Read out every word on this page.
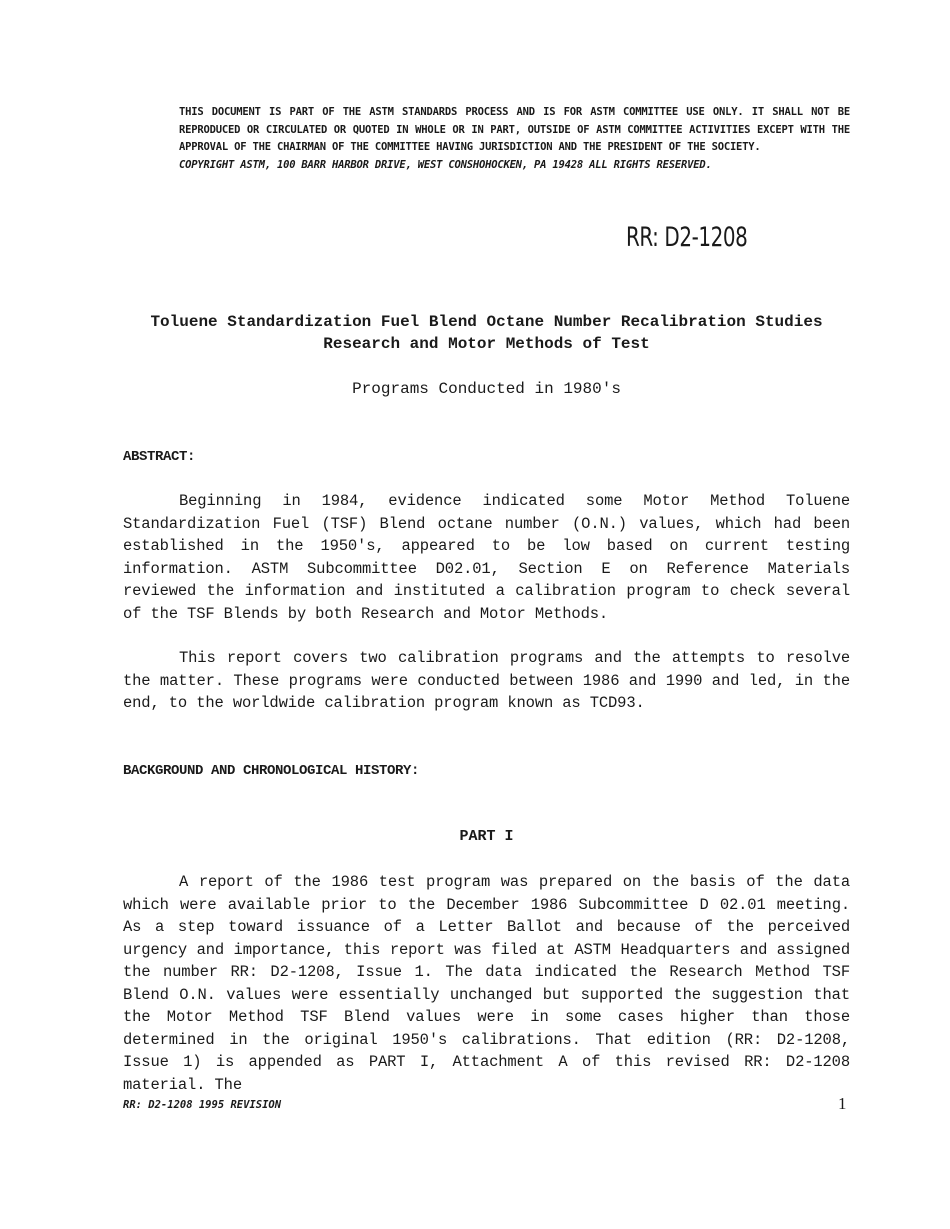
THIS DOCUMENT IS PART OF THE ASTM STANDARDS PROCESS AND IS FOR ASTM COMMITTEE USE ONLY. IT SHALL NOT BE REPRODUCED OR CIRCULATED OR QUOTED IN WHOLE OR IN PART, OUTSIDE OF ASTM COMMITTEE ACTIVITIES EXCEPT WITH THE APPROVAL OF THE CHAIRMAN OF THE COMMITTEE HAVING JURISDICTION AND THE PRESIDENT OF THE SOCIETY.
COPYRIGHT ASTM, 100 BARR HARBOR DRIVE, WEST CONSHOHOCKEN, PA 19428 ALL RIGHTS RESERVED.
RR: D2-1208
Toluene Standardization Fuel Blend Octane Number Recalibration Studies
Research and Motor Methods of Test
Programs Conducted in 1980's
ABSTRACT:
Beginning in 1984, evidence indicated some Motor Method Toluene Standardization Fuel (TSF) Blend octane number (O.N.) values, which had been established in the 1950's, appeared to be low based on current testing information. ASTM Subcommittee D02.01, Section E on Reference Materials reviewed the information and instituted a calibration program to check several of the TSF Blends by both Research and Motor Methods.
This report covers two calibration programs and the attempts to resolve the matter. These programs were conducted between 1986 and 1990 and led, in the end, to the worldwide calibration program known as TCD93.
BACKGROUND AND CHRONOLOGICAL HISTORY:
PART I
A report of the 1986 test program was prepared on the basis of the data which were available prior to the December 1986 Subcommittee D 02.01 meeting. As a step toward issuance of a Letter Ballot and because of the perceived urgency and importance, this report was filed at ASTM Headquarters and assigned the number RR: D2-1208, Issue 1. The data indicated the Research Method TSF Blend O.N. values were essentially unchanged but supported the suggestion that the Motor Method TSF Blend values were in some cases higher than those determined in the original 1950's calibrations. That edition (RR: D2-1208, Issue 1) is appended as PART I, Attachment A of this revised RR: D2-1208 material. The
RR: D2-1208 1995 REVISION	1
